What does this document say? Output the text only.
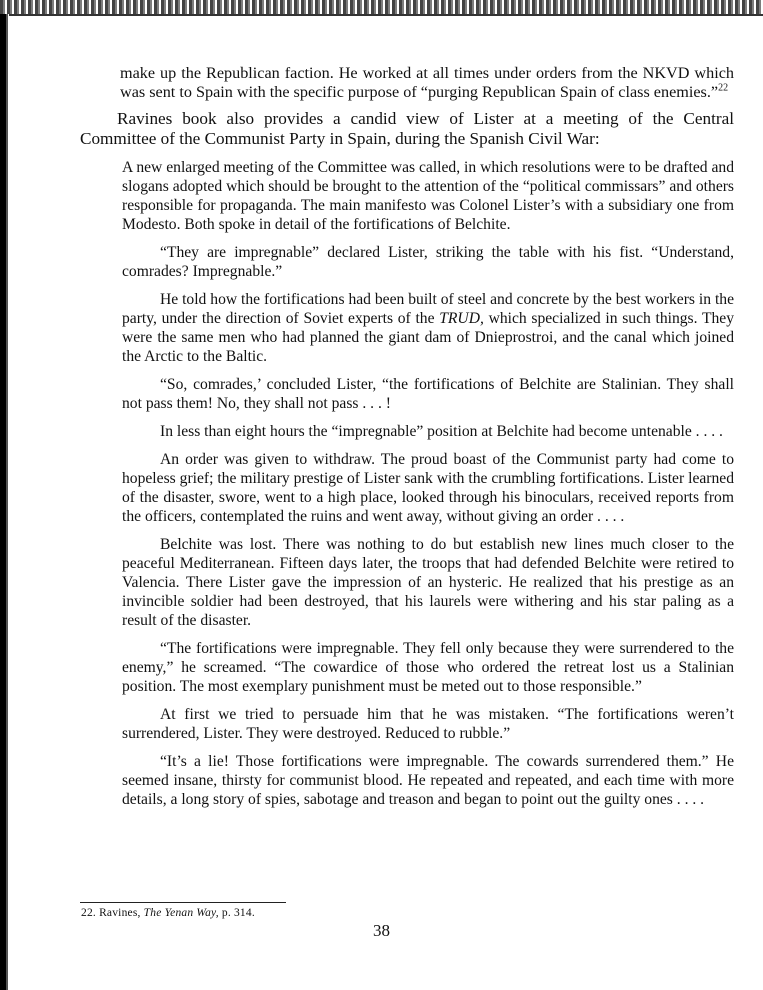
make up the Republican faction. He worked at all times under orders from the NKVD which was sent to Spain with the specific purpose of “purging Republican Spain of class enemies.”$^{22}$

Ravines book also provides a candid view of Lister at a meeting of the Central Committee of the Communist Party in Spain, during the Spanish Civil War:

A new enlarged meeting of the Committee was called, in which resolutions were to be drafted and slogans adopted which should be brought to the attention of the “political commissars” and others responsible for propaganda. The main manifesto was Colonel Lister’s with a subsidiary one from Modesto. Both spoke in detail of the fortifications of Belchite.

“They are impregnable” declared Lister, striking the table with his fist. “Understand, comrades? Impregnable.”

He told how the fortifications had been built of steel and concrete by the best workers in the party, under the direction of Soviet experts of the TRUD, which specialized in such things. They were the same men who had planned the giant dam of Dnieprostroi, and the canal which joined the Arctic to the Baltic.

“So, comrades,’ concluded Lister, “the fortifications of Belchite are Stalinian. They shall not pass them! No, they shall not pass . . . !

In less than eight hours the “impregnable” position at Belchite had become untenable . . . .

An order was given to withdraw. The proud boast of the Communist party had come to hopeless grief; the military prestige of Lister sank with the crumbling fortifications. Lister learned of the disaster, swore, went to a high place, looked through his binoculars, received reports from the officers, contemplated the ruins and went away, without giving an order . . . .

Belchite was lost. There was nothing to do but establish new lines much closer to the peaceful Mediterranean. Fifteen days later, the troops that had defended Belchite were retired to Valencia. There Lister gave the impression of an hysteric. He realized that his prestige as an invincible soldier had been destroyed, that his laurels were withering and his star paling as a result of the disaster.

“The fortifications were impregnable. They fell only because they were surrendered to the enemy,” he screamed. “The cowardice of those who ordered the retreat lost us a Stalinian position. The most exemplary punishment must be meted out to those responsible.”

At first we tried to persuade him that he was mistaken. “The fortifications weren’t surrendered, Lister. They were destroyed. Reduced to rubble.”

“It’s a lie! Those fortifications were impregnable. The cowards surrendered them.” He seemed insane, thirsty for communist blood. He repeated and repeated, and each time with more details, a long story of spies, sabotage and treason and began to point out the guilty ones . . . .

22. Ravines, The Yenan Way, p. 314.
38
